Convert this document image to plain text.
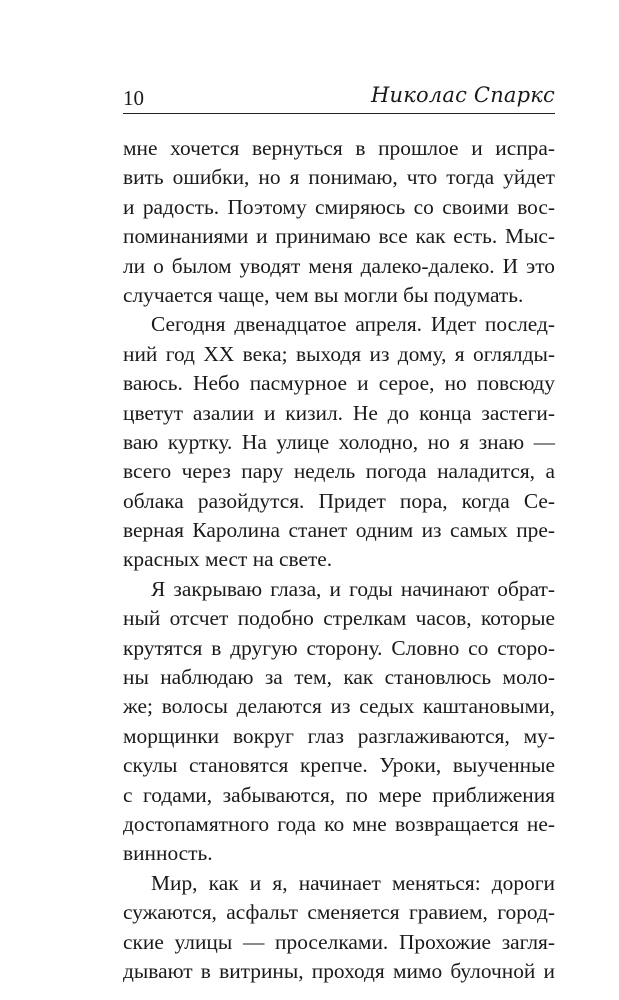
10	Николас Спаркс
мне хочется вернуться в прошлое и испра-
вить ошибки, но я понимаю, что тогда уйдет
и радость. Поэтому смиряюсь со своими вос-
поминаниями и принимаю все как есть. Мыс-
ли о былом уводят меня далеко-далеко. И это
случается чаще, чем вы могли бы подумать.
Сегодня двенадцатое апреля. Идет послед-
ний год XX века; выходя из дому, я оглялды-
ваюсь. Небо пасмурное и серое, но повсюду
цветут азалии и кизил. Не до конца застеги-
ваю куртку. На улице холодно, но я знаю —
всего через пару недель погода наладится, а
облака разойдутся. Придет пора, когда Се-
верная Каролина станет одним из самых пре-
красных мест на свете.
Я закрываю глаза, и годы начинают обрат-
ный отсчет подобно стрелкам часов, которые
крутятся в другую сторону. Словно со сторо-
ны наблюдаю за тем, как становлюсь моло-
же; волосы делаются из седых каштановыми,
морщинки вокруг глаз разглаживаются, му-
скулы становятся крепче. Уроки, выученные
с годами, забываются, по мере приближения
достопамятного года ко мне возвращается не-
винность.
Мир, как и я, начинает меняться: дороги
сужаются, асфальт сменяется гравием, город-
ские улицы — проселками. Прохожие загля-
дывают в витрины, проходя мимо булочной и
